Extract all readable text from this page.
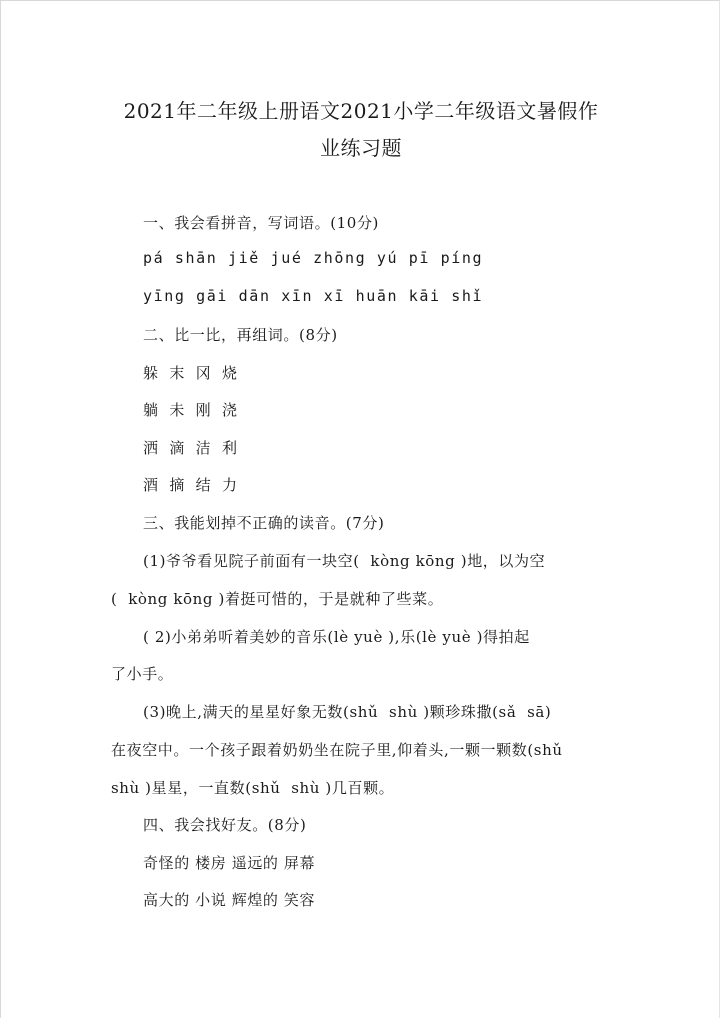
2021年二年级上册语文2021小学二年级语文暑假作
业练习题
一、我会看拼音，写词语。(10分)
pá shān jiě jué zhōng yú pī píng
yīng gāi dān xīn xī huān kāi shǐ
二、比一比，再组词。(8分)
躲  末  冈  烧
躺  未  刚  浇
洒  滴  洁  利
酒  摘  结  力
三、我能划掉不正确的读音。(7分)
(1)爷爷看见院子前面有一块空(  kòng kōng )地，以为空
(  kòng kōng )着挺可惜的，于是就种了些菜。
( 2)小弟弟听着美妙的音乐(lè yuè ),乐(lè yuè )得拍起
了小手。
(3)晚上,满天的星星好象无数(shǔ  shù )颗珍珠撒(sǎ  sā)
在夜空中。一个孩子跟着奶奶坐在院子里,仰着头,一颗一颗数(shǔ
shù )星星，一直数(shǔ  shù )几百颗。
四、我会找好友。(8分)
奇怪的 楼房 遥远的 屏幕
高大的 小说 辉煌的 笑容
